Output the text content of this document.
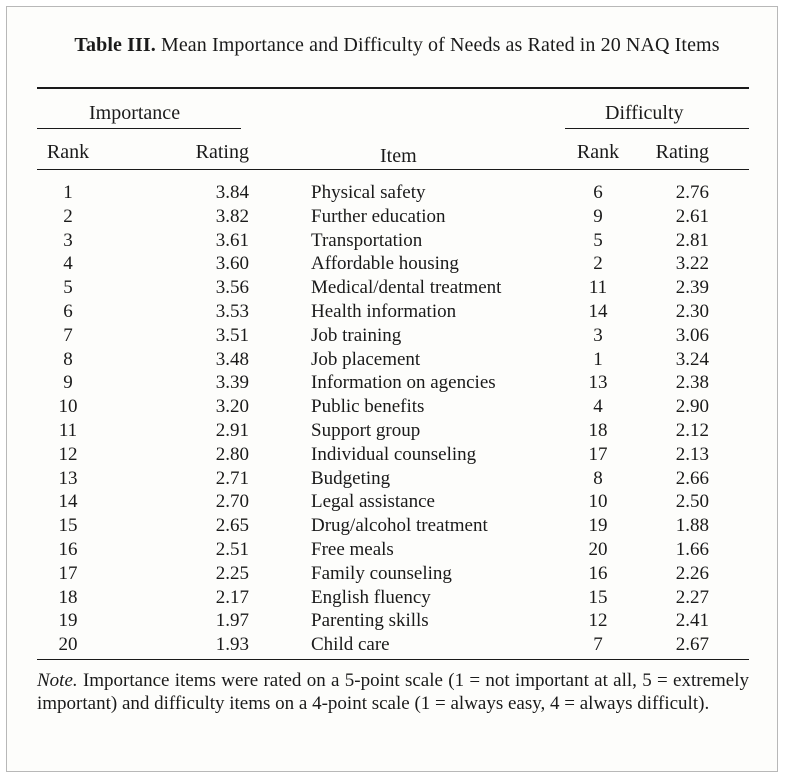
Table III. Mean Importance and Difficulty of Needs as Rated in 20 NAQ Items
Importance	Difficulty
Rank	Rating	Item	Rank	Rating
1	3.84	Physical safety	6	2.76
2	3.82	Further education	9	2.61
3	3.61	Transportation	5	2.81
4	3.60	Affordable housing	2	3.22
5	3.56	Medical/dental treatment	11	2.39
6	3.53	Health information	14	2.30
7	3.51	Job training	3	3.06
8	3.48	Job placement	1	3.24
9	3.39	Information on agencies	13	2.38
10	3.20	Public benefits	4	2.90
11	2.91	Support group	18	2.12
12	2.80	Individual counseling	17	2.13
13	2.71	Budgeting	8	2.66
14	2.70	Legal assistance	10	2.50
15	2.65	Drug/alcohol treatment	19	1.88
16	2.51	Free meals	20	1.66
17	2.25	Family counseling	16	2.26
18	2.17	English fluency	15	2.27
19	1.97	Parenting skills	12	2.41
20	1.93	Child care	7	2.67
Note. Importance items were rated on a 5-point scale (1 = not important at all, 5 = extremely important) and difficulty items on a 4-point scale (1 = always easy, 4 = always difficult).
